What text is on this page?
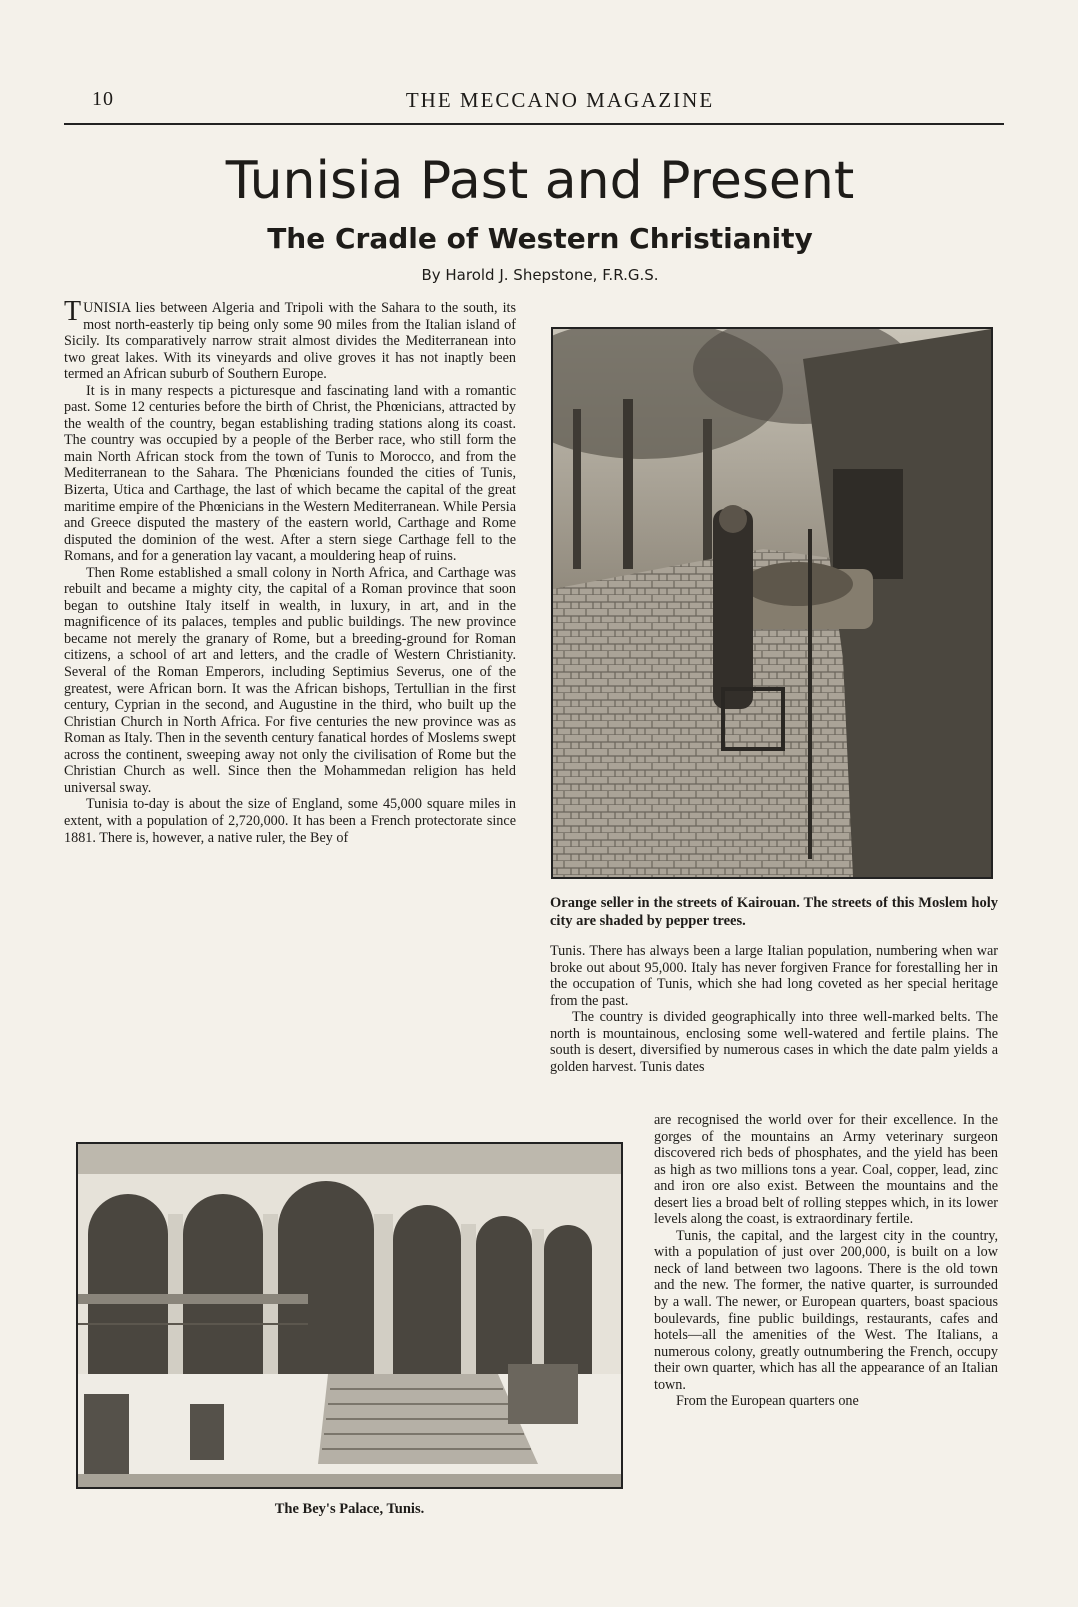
10	THE MECCANO MAGAZINE
Tunisia Past and Present
The Cradle of Western Christianity
By Harold J. Shepstone, F.R.G.S.

TUNISIA lies between Algeria and Tripoli with the Sahara to the south, its most north-easterly tip being only some 90 miles from the Italian island of Sicily. Its comparatively narrow strait almost divides the Mediterranean into two great lakes. With its vineyards and olive groves it has not inaptly been termed an African suburb of Southern Europe.

It is in many respects a picturesque and fascinating land with a romantic past. Some 12 centuries before the birth of Christ, the Phœnicians, attracted by the wealth of the country, began establishing trading stations along its coast. The country was occupied by a people of the Berber race, who still form the main North African stock from the town of Tunis to Morocco, and from the Mediterranean to the Sahara. The Phœnicians founded the cities of Tunis, Bizerta, Utica and Carthage, the last of which became the capital of the great maritime empire of the Phœnicians in the Western Mediterranean. While Persia and Greece disputed the mastery of the eastern world, Carthage and Rome disputed the dominion of the west. After a stern siege Carthage fell to the Romans, and for a generation lay vacant, a mouldering heap of ruins.

Then Rome established a small colony in North Africa, and Carthage was rebuilt and became a mighty city, the capital of a Roman province that soon began to outshine Italy itself in wealth, in luxury, in art, and in the magnificence of its palaces, temples and public buildings. The new province became not merely the granary of Rome, but a breeding-ground for Roman citizens, a school of art and letters, and the cradle of Western Christianity. Several of the Roman Emperors, including Septimius Severus, one of the greatest, were African born. It was the African bishops, Tertullian in the first century, Cyprian in the second, and Augustine in the third, who built up the Christian Church in North Africa. For five centuries the new province was as Roman as Italy. Then in the seventh century fanatical hordes of Moslems swept across the continent, sweeping away not only the civilisation of Rome but the Christian Church as well. Since then the Mohammedan religion has held universal sway.

Tunisia to-day is about the size of England, some 45,000 square miles in extent, with a population of 2,720,000. It has been a French protectorate since 1881. There is, however, a native ruler, the Bey of

Orange seller in the streets of Kairouan. The streets of this Moslem holy city are shaded by pepper trees.

Tunis. There has always been a large Italian population, numbering when war broke out about 95,000. Italy has never forgiven France for forestalling her in the occupation of Tunis, which she had long coveted as her special heritage from the past.

The country is divided geographically into three well-marked belts. The north is mountainous, enclosing some well-watered and fertile plains. The south is desert, diversified by numerous cases in which the date palm yields a golden harvest. Tunis dates

are recognised the world over for their excellence. In the gorges of the mountains an Army veterinary surgeon discovered rich beds of phosphates, and the yield has been as high as two millions tons a year. Coal, copper, lead, zinc and iron ore also exist. Between the mountains and the desert lies a broad belt of rolling steppes which, in its lower levels along the coast, is extraordinary fertile.

Tunis, the capital, and the largest city in the country, with a population of just over 200,000, is built on a low neck of land between two lagoons. There is the old town and the new. The former, the native quarter, is surrounded by a wall. The newer, or European quarters, boast spacious boulevards, fine public buildings, restaurants, cafes and hotels—all the amenities of the West. The Italians, a numerous colony, greatly outnumbering the French, occupy their own quarter, which has all the appearance of an Italian town.

From the European quarters one

The Bey's Palace, Tunis.
